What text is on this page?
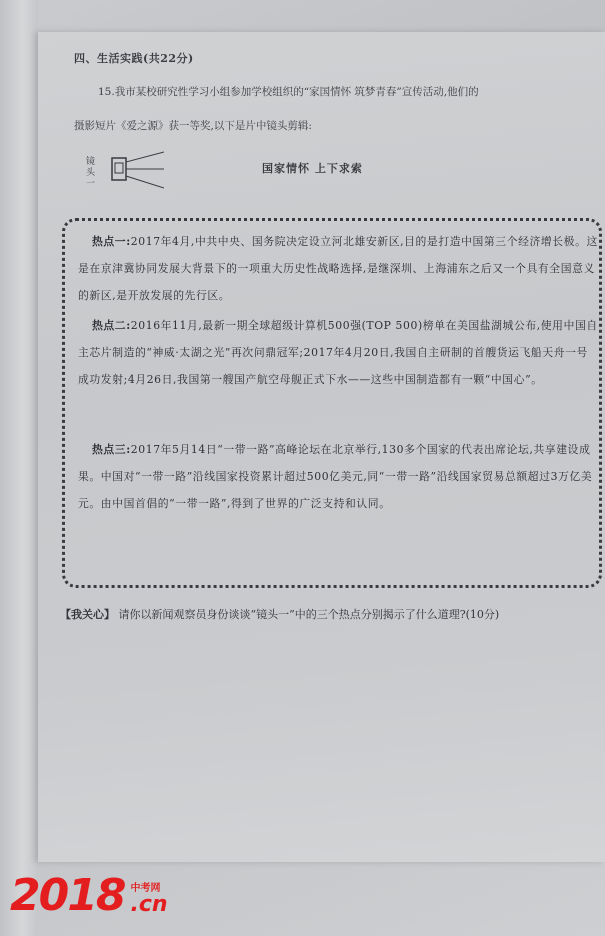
四、生活实践(共22分)
15.我市某校研究性学习小组参加学校组织的“家国情怀 筑梦青春”宣传活动,他们的
摄影短片《爱之源》获一等奖,以下是片中镜头剪辑:
镜
头
一
国家情怀 上下求索
热点一:2017年4月,中共中央、国务院决定设立河北雄安新区,目的是打造中国第三个经济增长极。这是在京津冀协同发展大背景下的一项重大历史性战略选择,是继深圳、上海浦东之后又一个具有全国意义的新区,是开放发展的先行区。
热点二:2016年11月,最新一期全球超级计算机500强(TOP 500)榜单在美国盐湖城公布,使用中国自主芯片制造的“神威·太湖之光”再次问鼎冠军;2017年4月20日,我国自主研制的首艘货运飞船天舟一号成功发射;4月26日,我国第一艘国产航空母舰正式下水——这些中国制造都有一颗“中国心”。
热点三:2017年5月14日“一带一路”高峰论坛在北京举行,130多个国家的代表出席论坛,共享建设成果。中国对“一带一路”沿线国家投资累计超过500亿美元,同“一带一路”沿线国家贸易总额超过3万亿美元。由中国首倡的“一带一路”,得到了世界的广泛支持和认同。
【我关心】 请你以新闻观察员身份谈谈“镜头一”中的三个热点分别揭示了什么道理?(10分)
2018 中考网
.cn
